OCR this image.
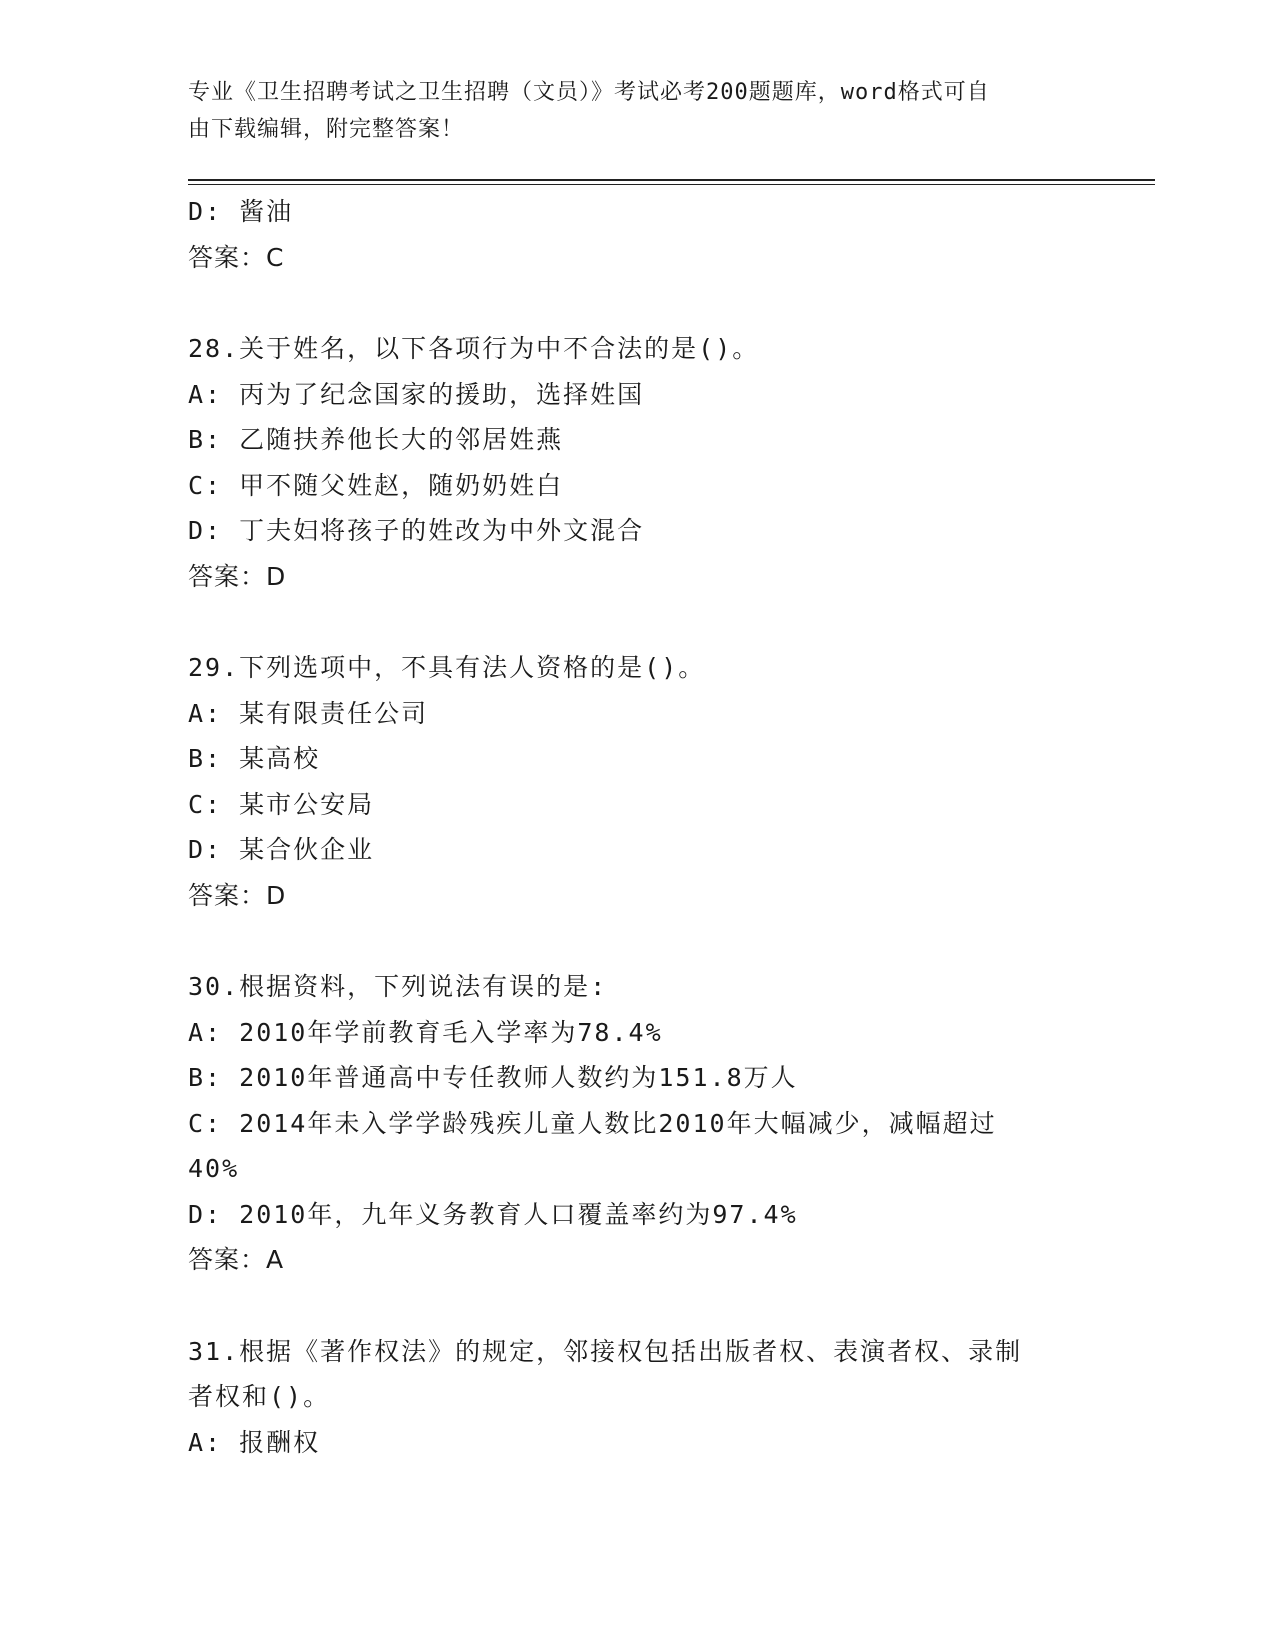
专业《卫生招聘考试之卫生招聘（文员）》考试必考200题题库，word格式可自
由下载编辑，附完整答案！
D: 酱油
答案：C
28.关于姓名，以下各项行为中不合法的是()。
A: 丙为了纪念国家的援助，选择姓国
B: 乙随扶养他长大的邻居姓燕
C: 甲不随父姓赵，随奶奶姓白
D: 丁夫妇将孩子的姓改为中外文混合
答案：D
29.下列选项中，不具有法人资格的是()。
A: 某有限责任公司
B: 某高校
C: 某市公安局
D: 某合伙企业
答案：D
30.根据资料，下列说法有误的是:
A: 2010年学前教育毛入学率为78.4%
B: 2010年普通高中专任教师人数约为151.8万人
C: 2014年未入学学龄残疾儿童人数比2010年大幅减少，减幅超过
40%
D: 2010年，九年义务教育人口覆盖率约为97.4%
答案：A
31.根据《著作权法》的规定，邻接权包括出版者权、表演者权、录制
者权和()。
A: 报酬权
